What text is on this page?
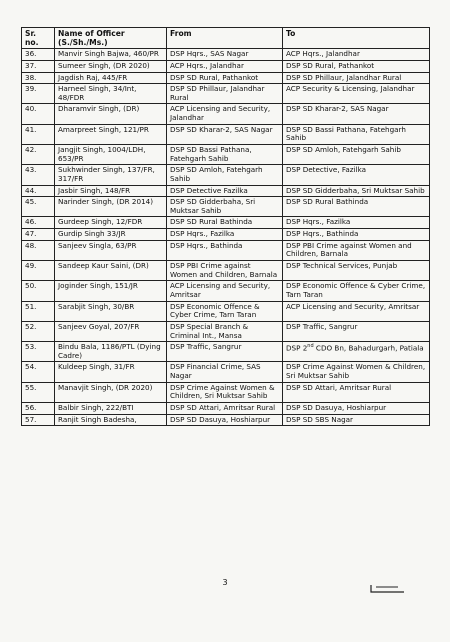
Sr. no.	Name of Officer (S./Sh./Ms.)	From	To
36.	Manvir Singh Bajwa, 460/PR	DSP Hqrs., SAS Nagar	ACP Hqrs., Jalandhar
37.	Sumeer Singh, (DR 2020)	ACP Hqrs., Jalandhar	DSP SD Rural, Pathankot
38.	Jagdish Raj, 445/FR	DSP SD Rural, Pathankot	DSP SD Phillaur, Jalandhar Rural
39.	Harneel Singh, 34/Int, 48/FDR	DSP SD Phillaur, Jalandhar Rural	ACP Security & Licensing, Jalandhar
40.	Dharamvir Singh, (DR)	ACP Licensing and Security, Jalandhar	DSP SD Kharar-2, SAS Nagar
41.	Amarpreet Singh, 121/PR	DSP SD Kharar-2, SAS Nagar	DSP SD Bassi Pathana, Fatehgarh Sahib
42.	Jangjit Singh, 1004/LDH, 653/PR	DSP SD Bassi Pathana, Fatehgarh Sahib	DSP SD Amloh, Fatehgarh Sahib
43.	Sukhwinder Singh, 137/FR, 317/FR	DSP SD Amloh, Fatehgarh Sahib	DSP Detective, Fazilka
44.	Jasbir Singh, 148/FR	DSP Detective Fazilka	DSP SD Gidderbaha, Sri Muktsar Sahib
45.	Narinder Singh, (DR 2014)	DSP SD Gidderbaha, Sri Muktsar Sahib	DSP SD Rural Bathinda
46.	Gurdeep Singh, 12/FDR	DSP SD Rural Bathinda	DSP Hqrs., Fazilka
47.	Gurdip Singh 33/JR	DSP Hqrs., Fazilka	DSP Hqrs., Bathinda
48.	Sanjeev Singla, 63/PR	DSP Hqrs., Bathinda	DSP PBI Crime against Women and Children, Barnala
49.	Sandeep Kaur Saini, (DR)	DSP PBI Crime against Women and Children, Barnala	DSP Technical Services, Punjab
50.	Joginder Singh, 151/JR	ACP Licensing and Security, Amritsar	DSP Economic Offence & Cyber Crime, Tarn Taran
51.	Sarabjit Singh, 30/BR	DSP Economic Offence & Cyber Crime, Tarn Taran	ACP Licensing and Security, Amritsar
52.	Sanjeev Goyal, 207/FR	DSP Special Branch & Criminal Int., Mansa	DSP Traffic, Sangrur
53.	Bindu Bala, 1186/PTL (Dying Cadre)	DSP Traffic, Sangrur	DSP 2nd CDO Bn, Bahadurgarh, Patiala
54.	Kuldeep Singh, 31/FR	DSP Financial Crime, SAS Nagar	DSP Crime Against Women & Children, Sri Muktsar Sahib
55.	Manavjit Singh, (DR 2020)	DSP Crime Against Women & Children, Sri Muktsar Sahib	DSP SD Attari, Amritsar Rural
56.	Balbir Singh, 222/BTI	DSP SD Attari, Amritsar Rural	DSP SD Dasuya, Hoshiarpur
57.	Ranjit Singh Badesha,	DSP SD Dasuya, Hoshiarpur	DSP SD SBS Nagar
3
